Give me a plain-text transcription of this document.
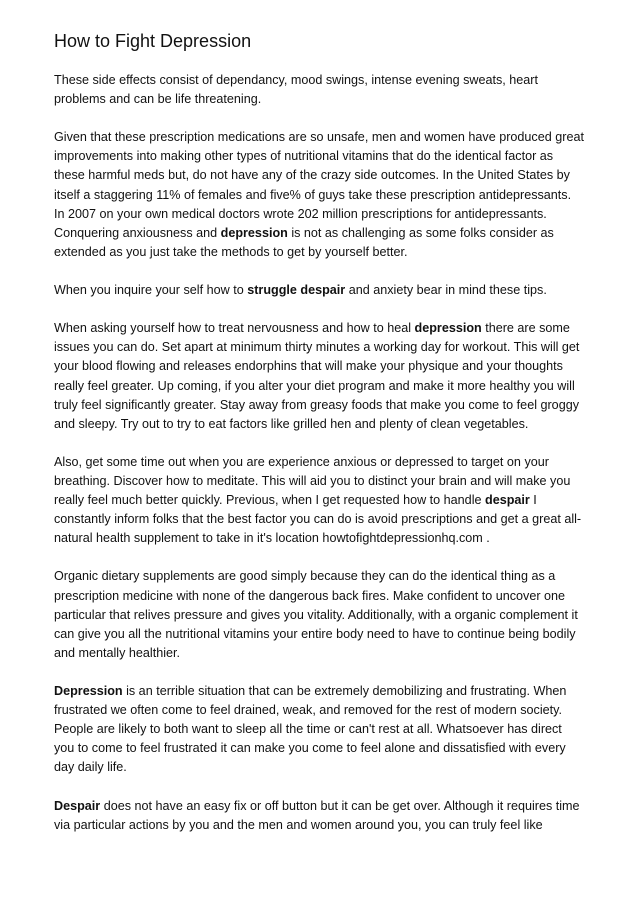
How to Fight Depression

These side effects consist of dependancy, mood swings, intense evening sweats, heart problems and can be life threatening.

Given that these prescription medications are so unsafe, men and women have produced great improvements into making other types of nutritional vitamins that do the identical factor as these harmful meds but, do not have any of the crazy side outcomes. In the United States by itself a staggering 11% of females and five% of guys take these prescription antidepressants. In 2007 on your own medical doctors wrote 202 million prescriptions for antidepressants. Conquering anxiousness and depression is not as challenging as some folks consider as extended as you just take the methods to get by yourself better.

When you inquire your self how to struggle despair and anxiety bear in mind these tips.

When asking yourself how to treat nervousness and how to heal depression there are some issues you can do. Set apart at minimum thirty minutes a working day for workout. This will get your blood flowing and releases endorphins that will make your physique and your thoughts really feel greater. Up coming, if you alter your diet program and make it more healthy you will truly feel significantly greater. Stay away from greasy foods that make you come to feel groggy and sleepy. Try out to try to eat factors like grilled hen and plenty of clean vegetables.

Also, get some time out when you are experience anxious or depressed to target on your breathing. Discover how to meditate. This will aid you to distinct your brain and will make you really feel much better quickly. Previous, when I get requested how to handle despair I constantly inform folks that the best factor you can do is avoid prescriptions and get a great all-natural health supplement to take in it's location howtofightdepressionhq.com .

Organic dietary supplements are good simply because they can do the identical thing as a prescription medicine with none of the dangerous back fires. Make confident to uncover one particular that relives pressure and gives you vitality. Additionally, with a organic complement it can give you all the nutritional vitamins your entire body need to have to continue being bodily and mentally healthier.

Depression is an terrible situation that can be extremely demobilizing and frustrating. When frustrated we often come to feel drained, weak, and removed for the rest of modern society. People are likely to both want to sleep all the time or can't rest at all. Whatsoever has direct you to come to feel frustrated it can make you come to feel alone and dissatisfied with every day daily life.

Despair does not have an easy fix or off button but it can be get over. Although it requires time via particular actions by you and the men and women around you, you can truly feel like
